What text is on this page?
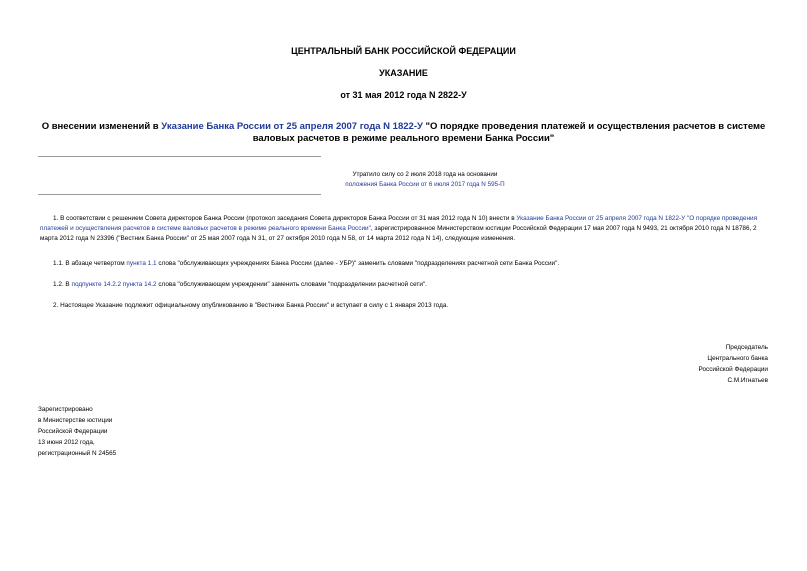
ЦЕНТРАЛЬНЫЙ БАНК РОССИЙСКОЙ ФЕДЕРАЦИИ
УКАЗАНИЕ
от 31 мая 2012 года N 2822-У
О внесении изменений в Указание Банка России от 25 апреля 2007 года N 1822-У "О порядке проведения платежей и осуществления расчетов в системе валовых расчетов в режиме реального времени Банка России"
Утратило силу со 2 июля 2018 года на основании
положения Банка России от 6 июля 2017 года N 595-П
1. В соответствии с решением Совета директоров Банка России (протокол заседания Совета директоров Банка России от 31 мая 2012 года N 10) внести в Указание Банка России от 25 апреля 2007 года N 1822-У "О порядке проведения платежей и осуществления расчетов в системе валовых расчетов в режиме реального времени Банка России", зарегистрированное Министерством юстиции Российской Федерации 17 мая 2007 года N 9493, 21 октября 2010 года N 18786, 2 марта 2012 года N 23396 ("Вестник Банка России" от 25 мая 2007 года N 31, от 27 октября 2010 года N 58, от 14 марта 2012 года N 14), следующие изменения.
1.1. В абзаце четвертом пункта 1.1 слова "обслуживающих учреждениях Банка России (далее - УБР)" заменить словами "подразделениях расчетной сети Банка России".
1.2. В подпункте 14.2.2 пункта 14.2 слова "обслуживающем учреждении" заменить словами "подразделении расчетной сети".
2. Настоящее Указание подлежит официальному опубликованию в "Вестнике Банка России" и вступает в силу с 1 января 2013 года.
Председатель
Центрального банка
Российской Федерации
С.М.Игнатьев
Зарегистрировано
в Министерстве юстиции
Российской Федерации
13 июня 2012 года,
регистрационный N 24565
